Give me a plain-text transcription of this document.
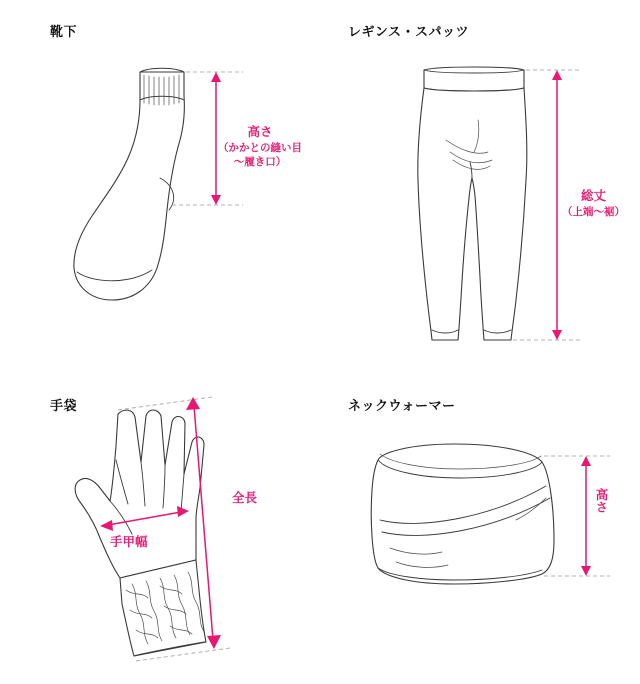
靴下
高さ
（かかとの縫い目
〜履き口）
レギンス・スパッツ
総丈
（上端〜裾）
手袋
全長
手甲幅
ネックウォーマー
高さ
